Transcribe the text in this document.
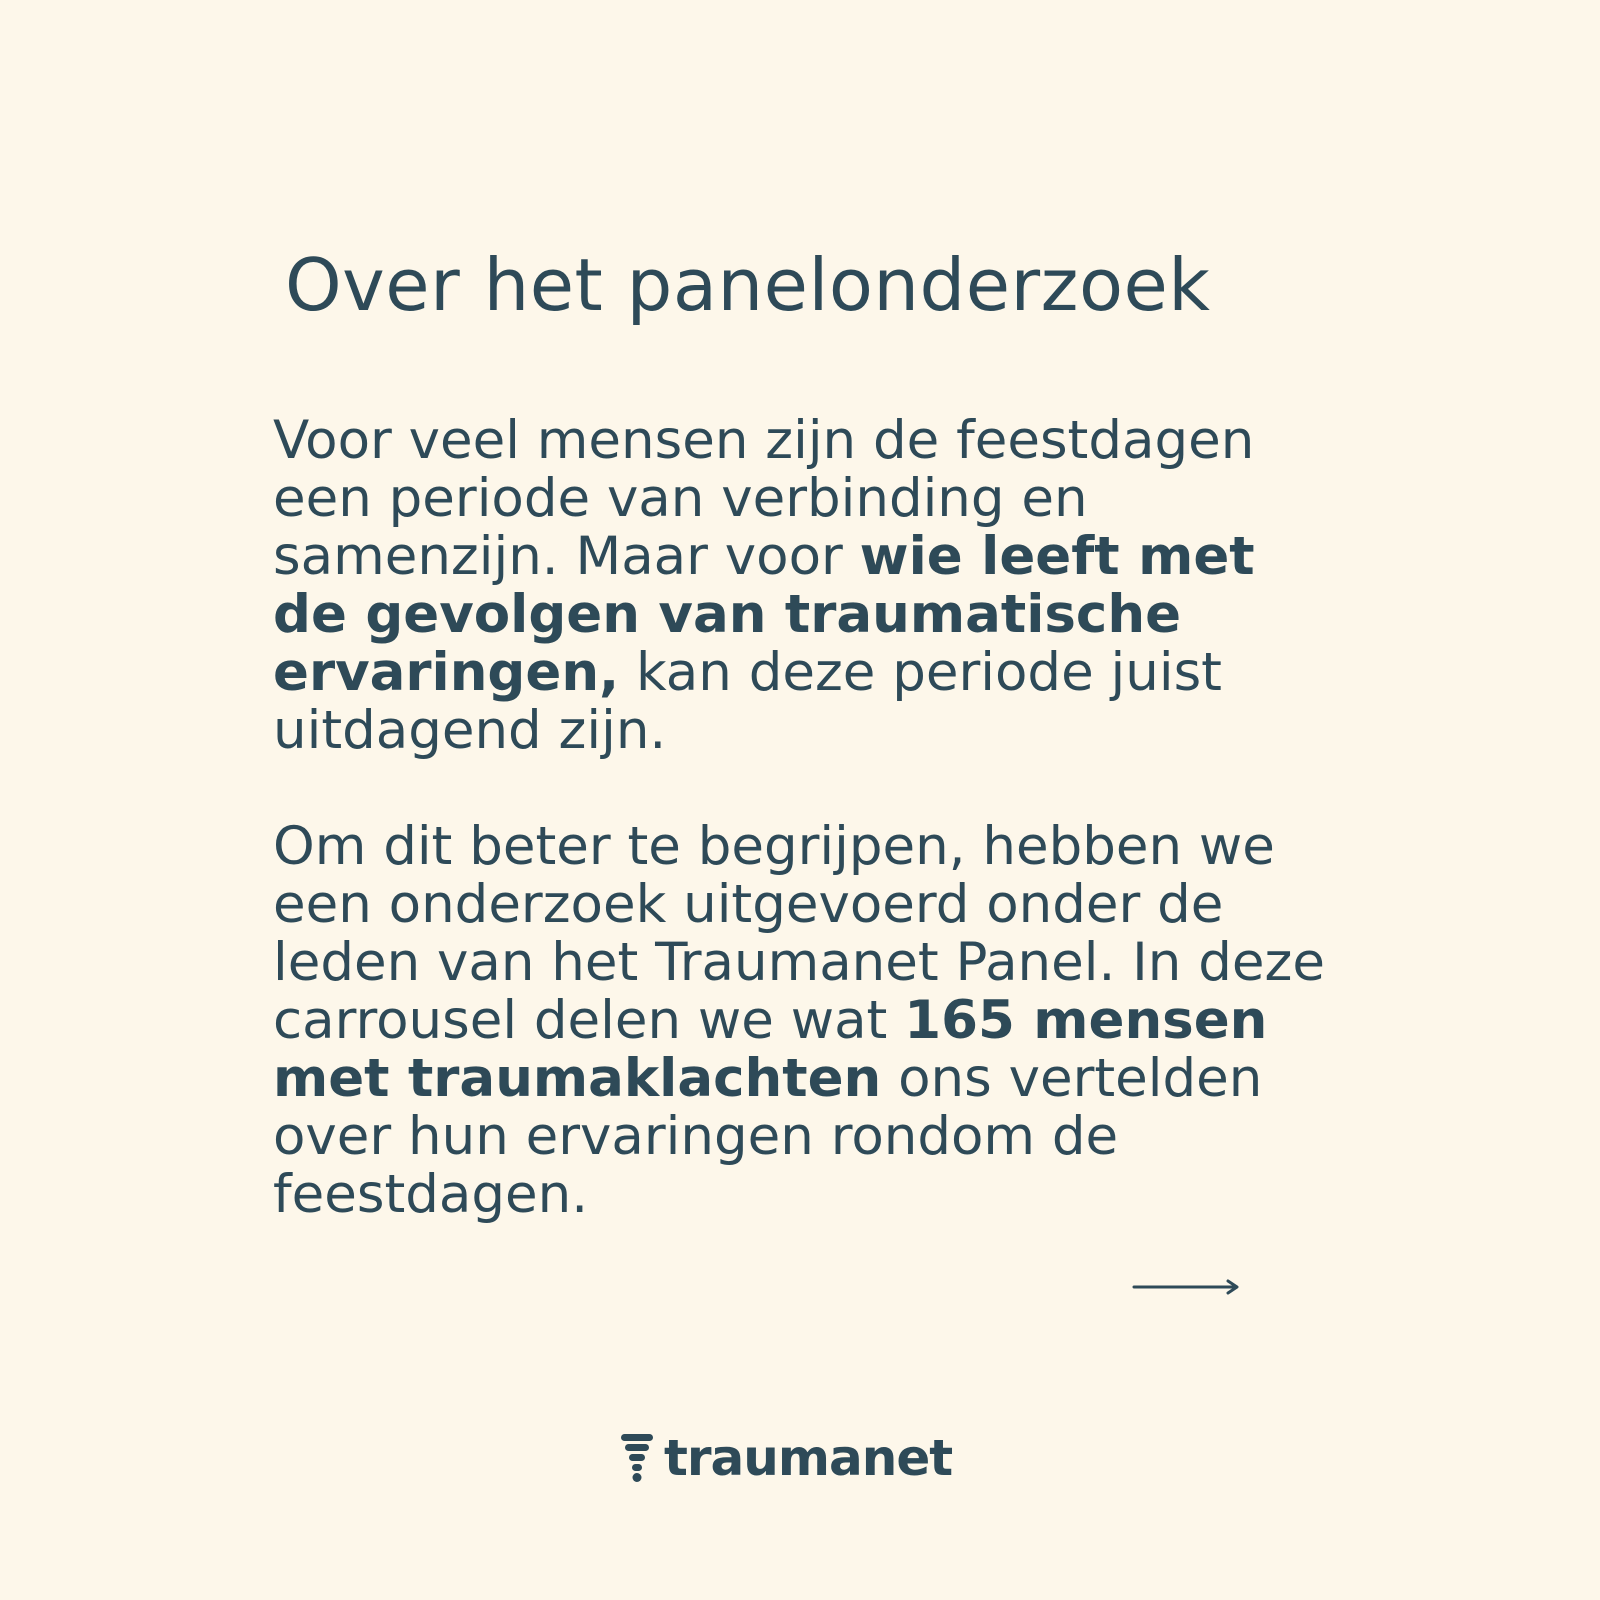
Over het panelonderzoek

Voor veel mensen zijn de feestdagen een periode van verbinding en samenzijn. Maar voor wie leeft met de gevolgen van traumatische ervaringen, kan deze periode juist uitdagend zijn.

Om dit beter te begrijpen, hebben we een onderzoek uitgevoerd onder de leden van het Traumanet Panel. In deze carrousel delen we wat 165 mensen met traumaklachten ons vertelden over hun ervaringen rondom de feestdagen.

traumanet
